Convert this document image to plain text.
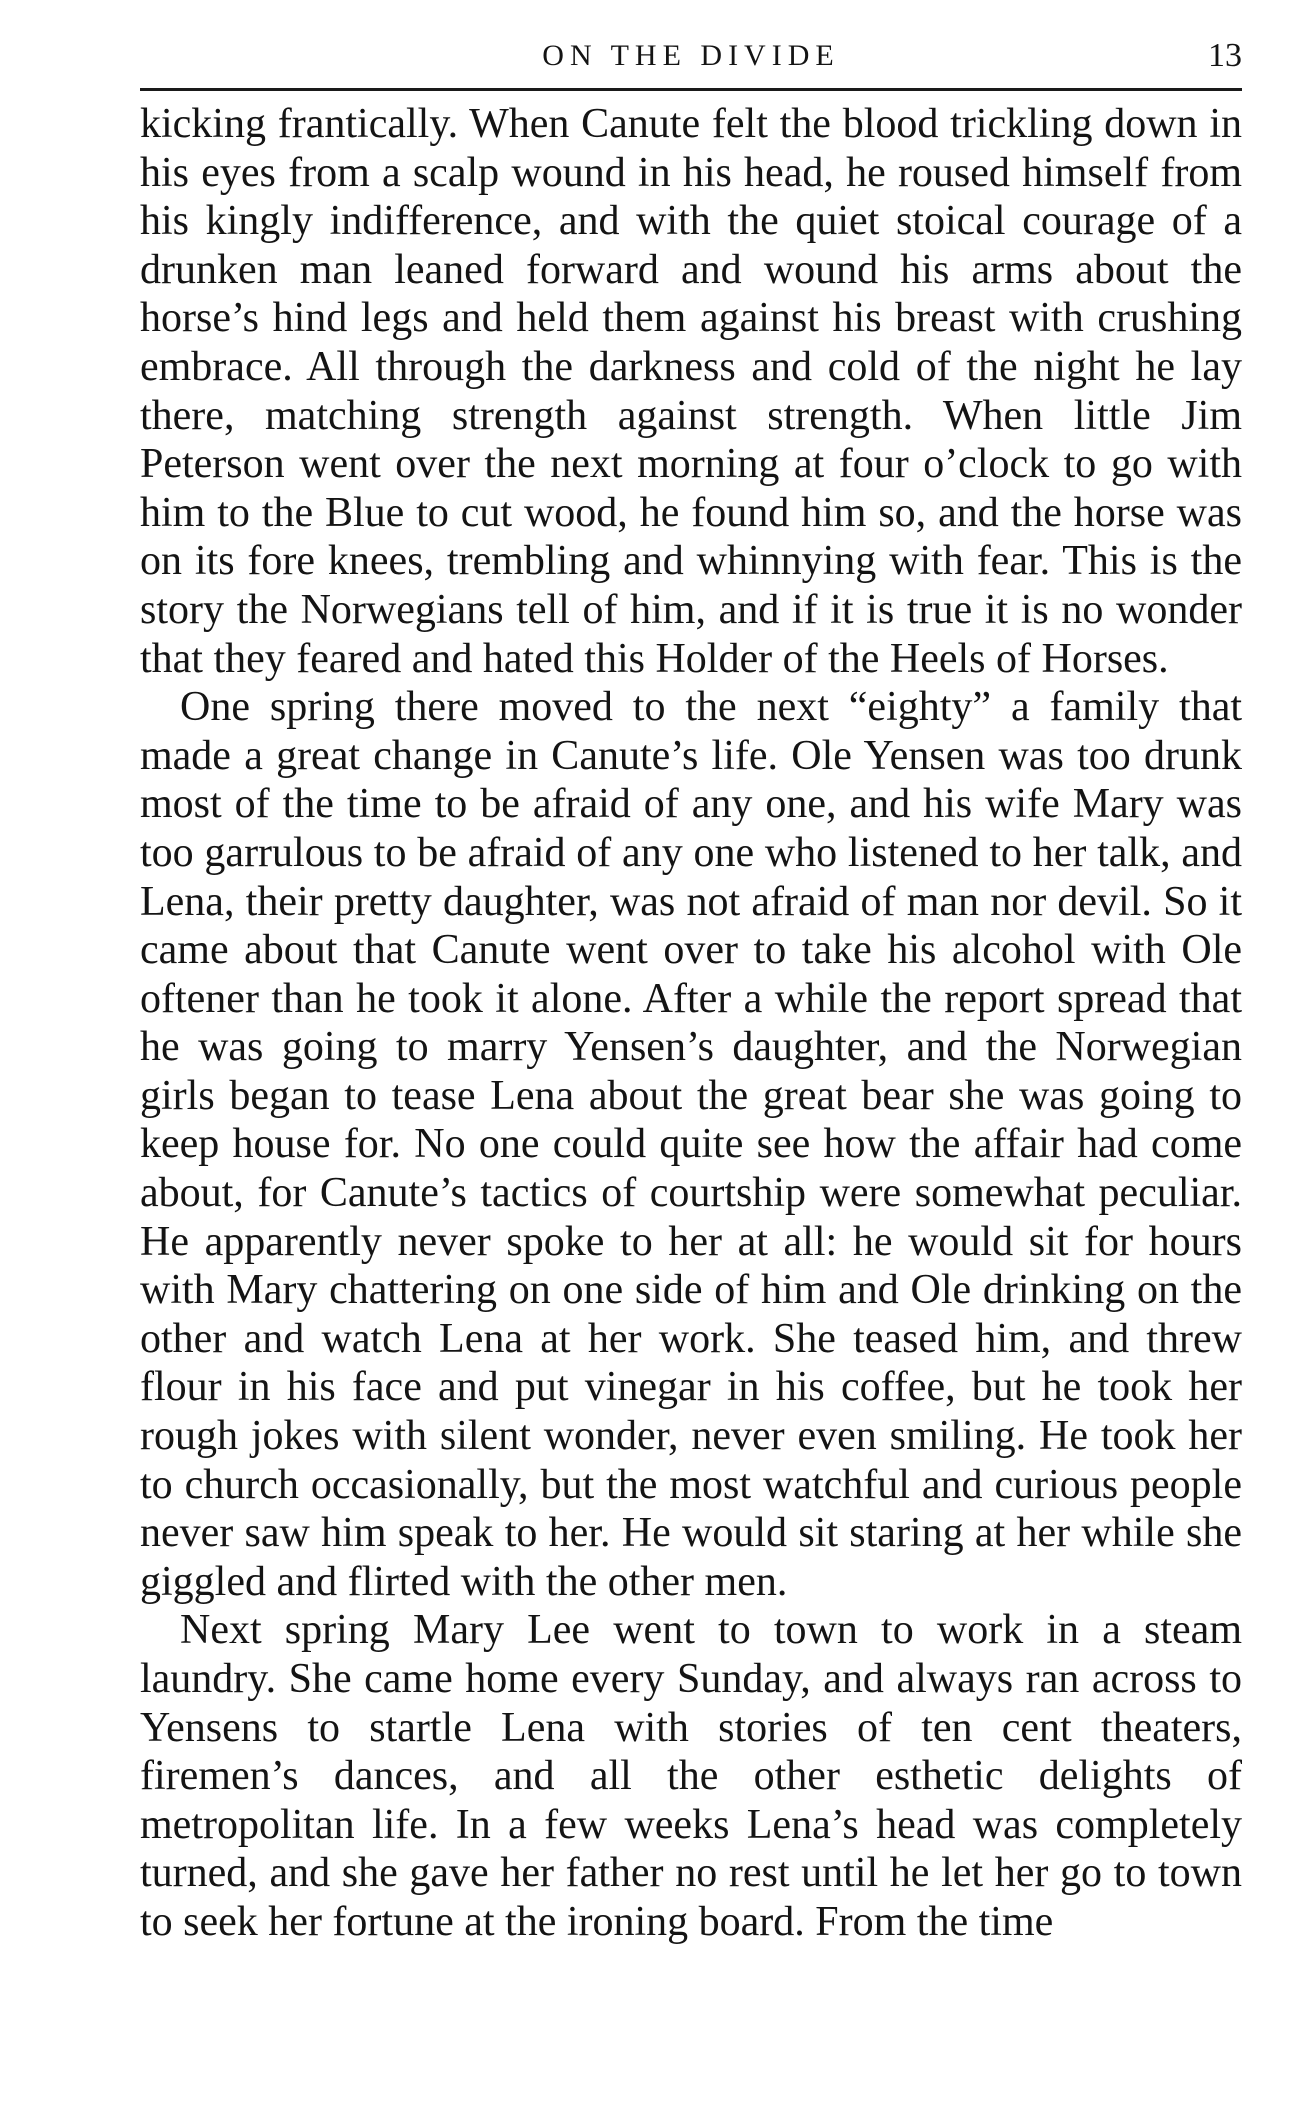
ON THE DIVIDE	13

kicking frantically. When Canute felt the blood trickling down in his eyes from a scalp wound in his head, he roused himself from his kingly indifference, and with the quiet stoical courage of a drunken man leaned forward and wound his arms about the horse’s hind legs and held them against his breast with crushing embrace. All through the darkness and cold of the night he lay there, matching strength against strength. When little Jim Peterson went over the next morning at four o’clock to go with him to the Blue to cut wood, he found him so, and the horse was on its fore knees, trembling and whinnying with fear. This is the story the Norwegians tell of him, and if it is true it is no wonder that they feared and hated this Holder of the Heels of Horses.

One spring there moved to the next “eighty” a family that made a great change in Canute’s life. Ole Yensen was too drunk most of the time to be afraid of any one, and his wife Mary was too garrulous to be afraid of any one who listened to her talk, and Lena, their pretty daughter, was not afraid of man nor devil. So it came about that Canute went over to take his alcohol with Ole oftener than he took it alone. After a while the report spread that he was going to marry Yensen’s daughter, and the Norwegian girls began to tease Lena about the great bear she was going to keep house for. No one could quite see how the affair had come about, for Canute’s tactics of courtship were somewhat peculiar. He apparently never spoke to her at all: he would sit for hours with Mary chattering on one side of him and Ole drinking on the other and watch Lena at her work. She teased him, and threw flour in his face and put vinegar in his coffee, but he took her rough jokes with silent wonder, never even smiling. He took her to church occasionally, but the most watchful and curious people never saw him speak to her. He would sit staring at her while she giggled and flirted with the other men.

Next spring Mary Lee went to town to work in a steam laundry. She came home every Sunday, and always ran across to Yensens to startle Lena with stories of ten cent theaters, firemen’s dances, and all the other esthetic delights of metropolitan life. In a few weeks Lena’s head was completely turned, and she gave her father no rest until he let her go to town to seek her fortune at the ironing board. From the time
